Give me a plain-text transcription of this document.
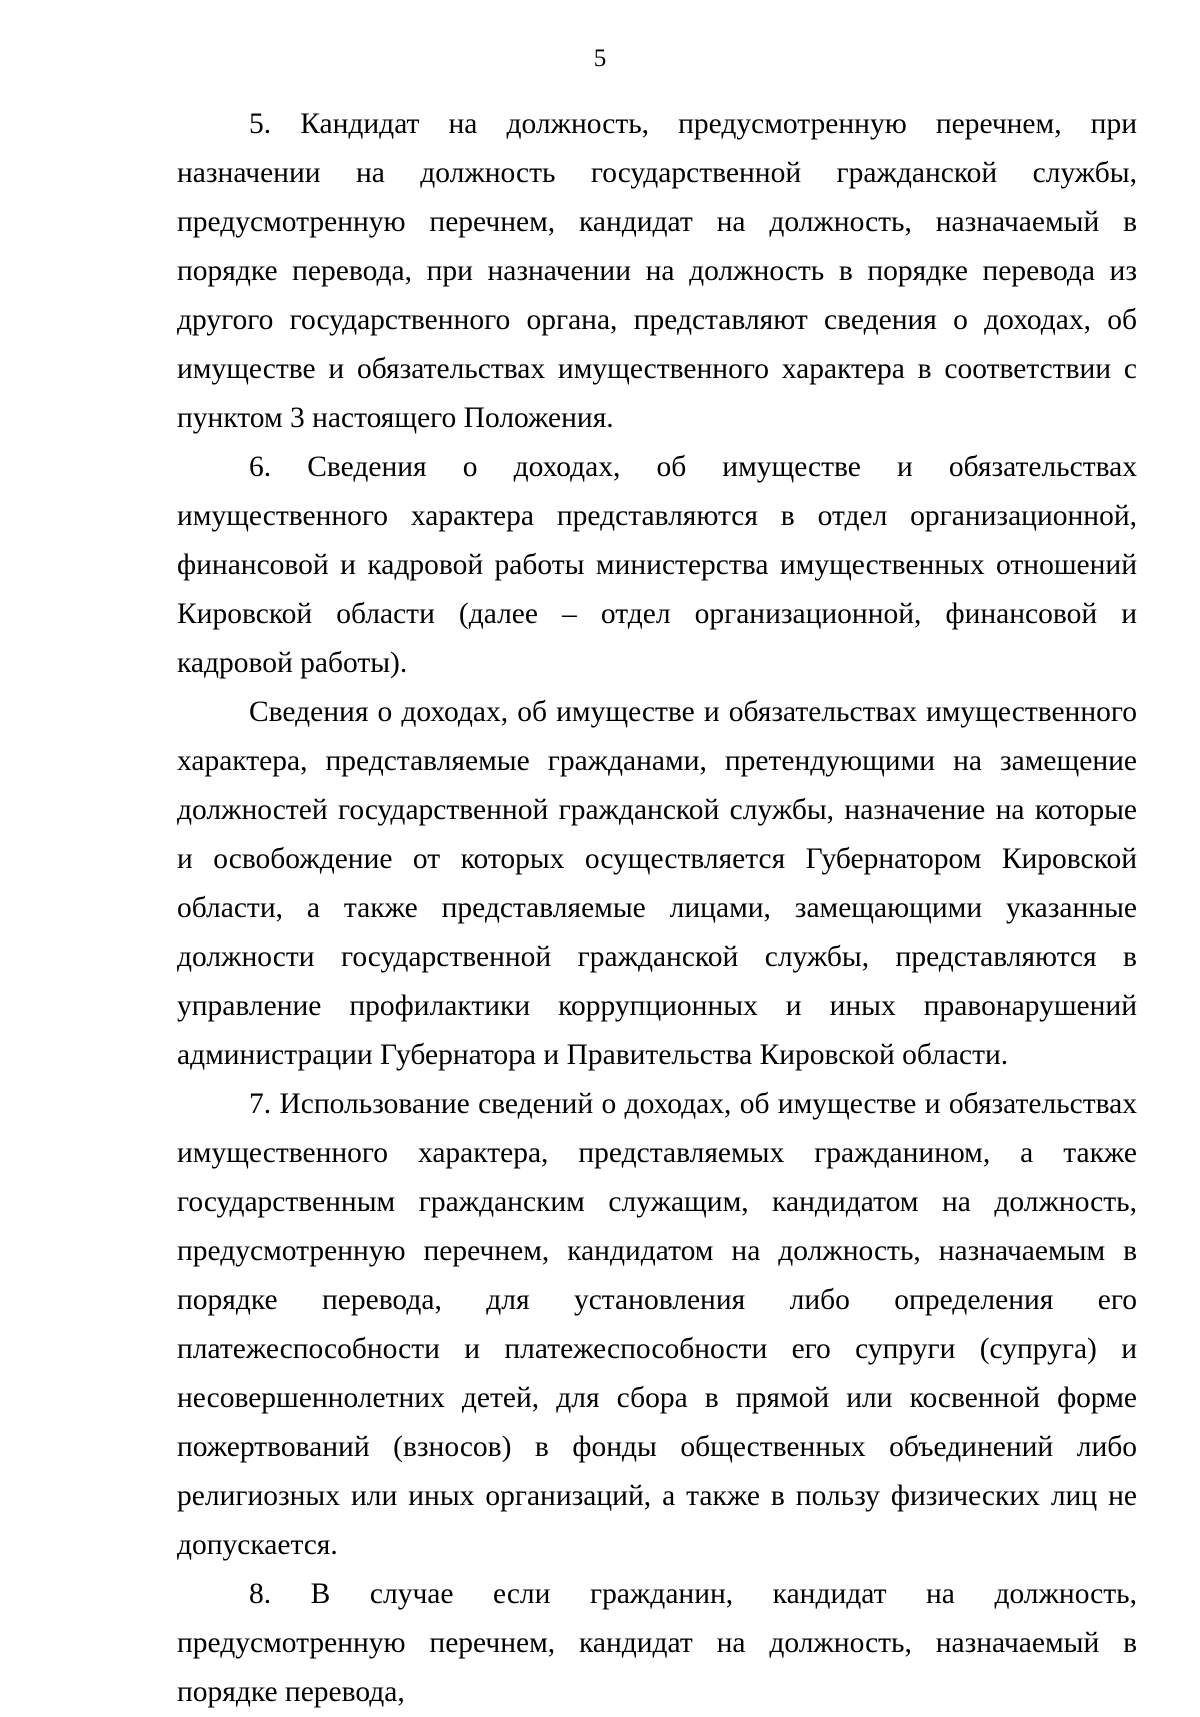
5

5. Кандидат на должность, предусмотренную перечнем, при назначении на должность государственной гражданской службы, предусмотренную перечнем, кандидат на должность, назначаемый в порядке перевода, при назначении на должность в порядке перевода из другого государственного органа, представляют сведения о доходах, об имуществе и обязательствах имущественного характера в соответствии с пунктом 3 настоящего Положения.

6. Сведения о доходах, об имуществе и обязательствах имущественного характера представляются в отдел организационной, финансовой и кадровой работы министерства имущественных отношений Кировской области (далее – отдел организационной, финансовой и кадровой работы).

Сведения о доходах, об имуществе и обязательствах имущественного характера, представляемые гражданами, претендующими на замещение должностей государственной гражданской службы, назначение на которые и освобождение от которых осуществляется Губернатором Кировской области, а также представляемые лицами, замещающими указанные должности государственной гражданской службы, представляются в управление профилактики коррупционных и иных правонарушений администрации Губернатора и Правительства Кировской области.

7. Использование сведений о доходах, об имуществе и обязательствах имущественного характера, представляемых гражданином, а также государственным гражданским служащим, кандидатом на должность, предусмотренную перечнем, кандидатом на должность, назначаемым в порядке перевода, для установления либо определения его платежеспособности и платежеспособности его супруги (супруга) и несовершеннолетних детей, для сбора в прямой или косвенной форме пожертвований (взносов) в фонды общественных объединений либо религиозных или иных организаций, а также в пользу физических лиц не допускается.

8. В случае если гражданин, кандидат на должность, предусмотренную перечнем, кандидат на должность, назначаемый в порядке перевода,
